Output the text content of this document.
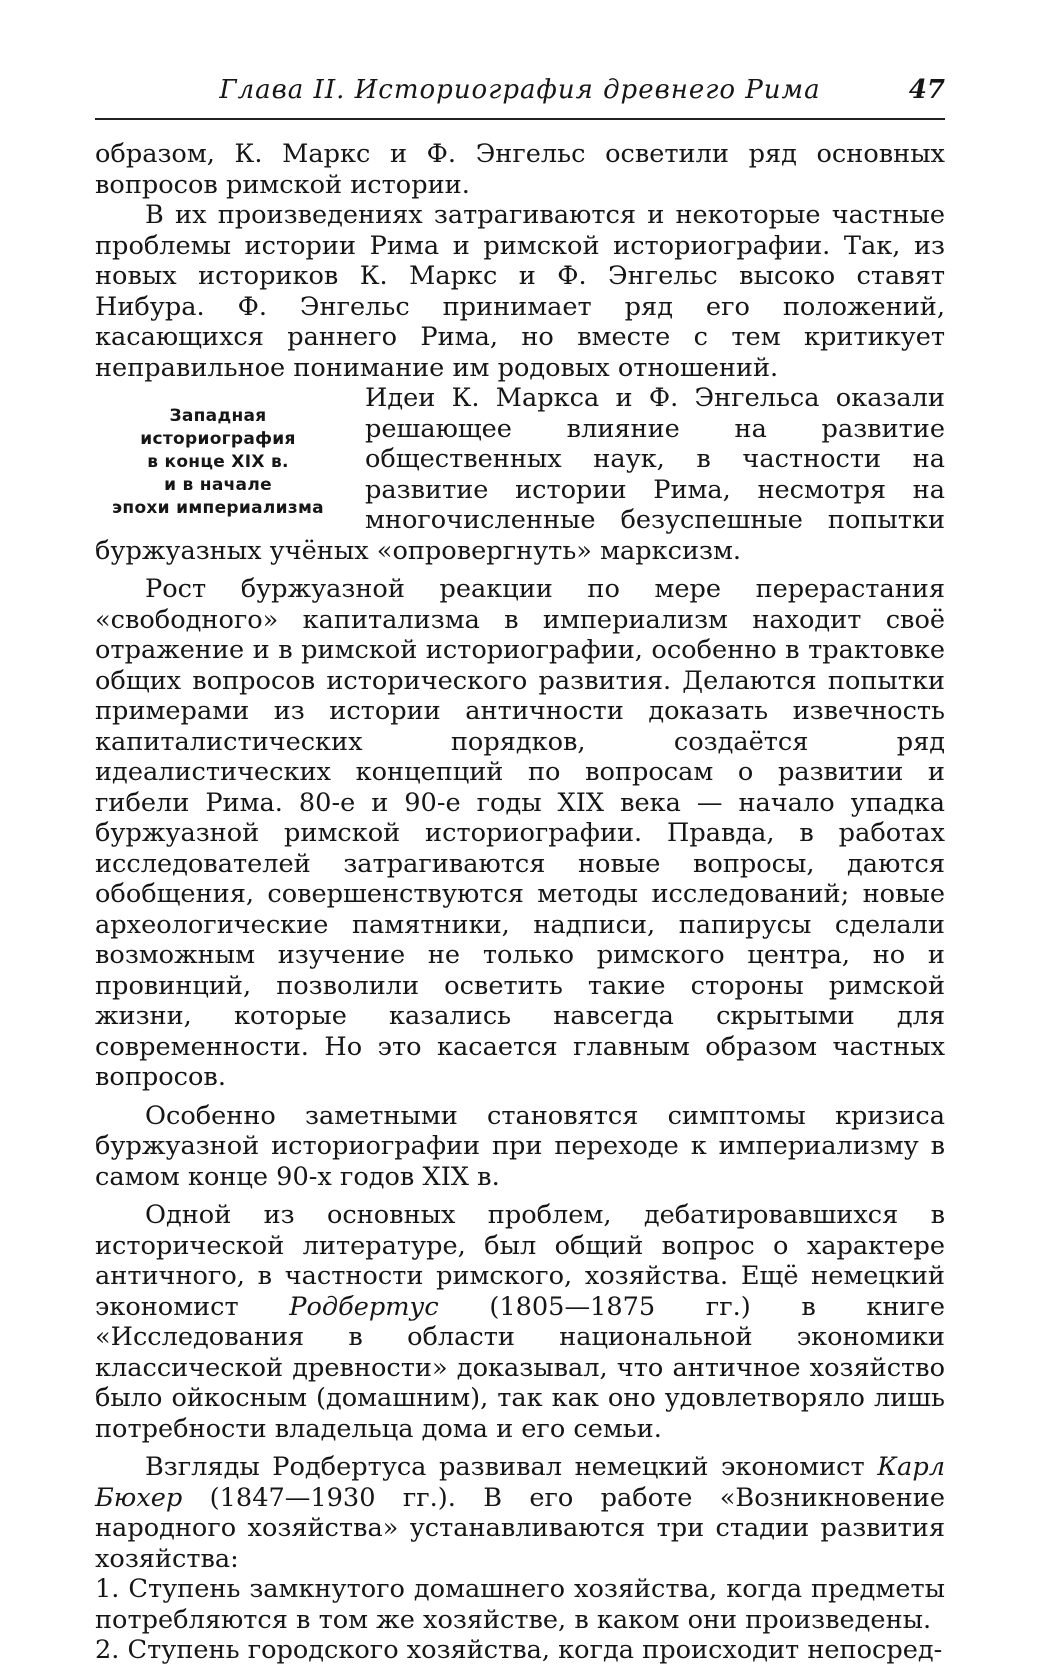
Глава II. Историография древнего Рима	47

образом, К. Маркс и Ф. Энгельс осветили ряд основных вопросов римской истории.

В их произведениях затрагиваются и некоторые частные проблемы истории Рима и римской историографии. Так, из новых историков К. Маркс и Ф. Энгельс высоко ставят Нибура. Ф. Энгельс принимает ряд его положений, касающихся раннего Рима, но вместе с тем критикует неправильное понимание им родовых отношений.

Западная
историография
в конце XIX в.
и в начале
эпохи империализма

Идеи К. Маркса и Ф. Энгельса оказали решающее влияние на развитие общественных наук, в частности на развитие истории Рима, несмотря на многочисленные безуспешные попытки буржуазных учёных «опровергнуть» марксизм.

Рост буржуазной реакции по мере перерастания «свободного» капитализма в империализм находит своё отражение и в римской историографии, особенно в трактовке общих вопросов исторического развития. Делаются попытки примерами из истории античности доказать извечность капиталистических порядков, создаётся ряд идеалистических концепций по вопросам о развитии и гибели Рима. 80-е и 90-е годы XIX века — начало упадка буржуазной римской историографии. Правда, в работах исследователей затрагиваются новые вопросы, даются обобщения, совершенствуются методы исследований; новые археологические памятники, надписи, папирусы сделали возможным изучение не только римского центра, но и провинций, позволили осветить такие стороны римской жизни, которые казались навсегда скрытыми для современности. Но это касается главным образом частных вопросов.

Особенно заметными становятся симптомы кризиса буржуазной историографии при переходе к империализму в самом конце 90-х годов XIX в.

Одной из основных проблем, дебатировавшихся в исторической литературе, был общий вопрос о характере античного, в частности римского, хозяйства. Ещё немецкий экономист Родбертус (1805—1875 гг.) в книге «Исследования в области национальной экономики классической древности» доказывал, что античное хозяйство было ойкосным (домашним), так как оно удовлетворяло лишь потребности владельца дома и его семьи.

Взгляды Родбертуса развивал немецкий экономист Карл Бюхер (1847—1930 гг.). В его работе «Возникновение народного хозяйства» устанавливаются три стадии развития хозяйства:

1. Ступень замкнутого домашнего хозяйства, когда предметы потребляются в том же хозяйстве, в каком они произведены.

2. Ступень городского хозяйства, когда происходит непосред-
